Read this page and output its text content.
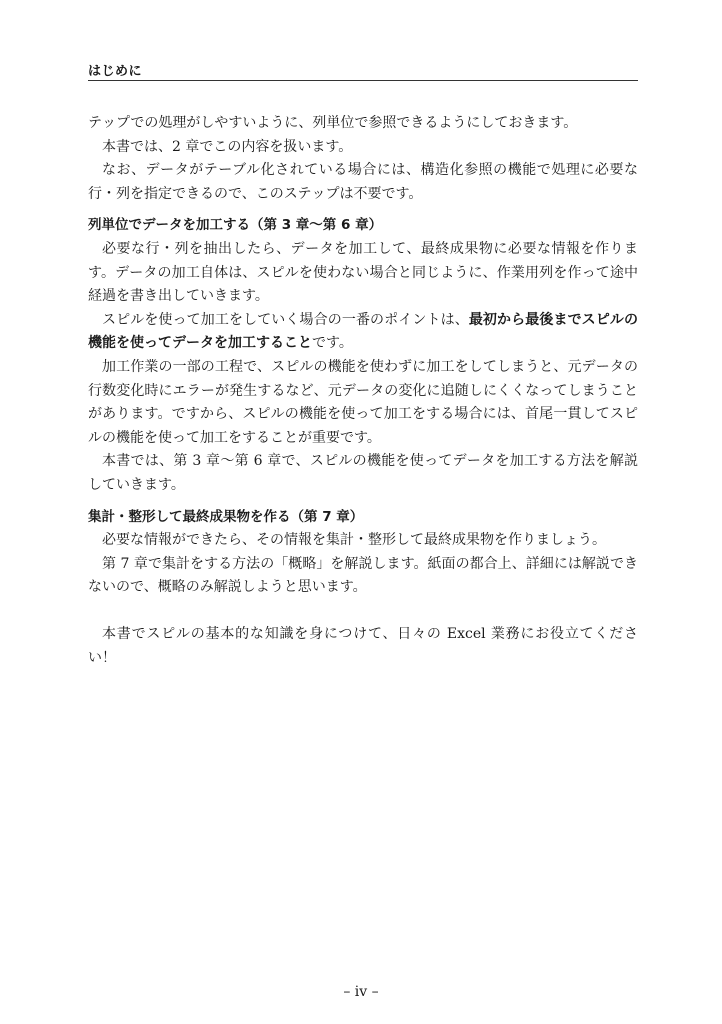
はじめに

テップでの処理がしやすいように、列単位で参照できるようにしておきます。

本書では、2 章でこの内容を扱います。

なお、データがテーブル化されている場合には、構造化参照の機能で処理に必要な行・列を指定できるので、このステップは不要です。

列単位でデータを加工する（第 3 章〜第 6 章）

必要な行・列を抽出したら、データを加工して、最終成果物に必要な情報を作ります。データの加工自体は、スピルを使わない場合と同じように、作業用列を作って途中経過を書き出していきます。

スピルを使って加工をしていく場合の一番のポイントは、最初から最後までスピルの機能を使ってデータを加工することです。

加工作業の一部の工程で、スピルの機能を使わずに加工をしてしまうと、元データの行数変化時にエラーが発生するなど、元データの変化に追随しにくくなってしまうことがあります。ですから、スピルの機能を使って加工をする場合には、首尾一貫してスピルの機能を使って加工をすることが重要です。

本書では、第 3 章〜第 6 章で、スピルの機能を使ってデータを加工する方法を解説していきます。

集計・整形して最終成果物を作る（第 7 章）

必要な情報ができたら、その情報を集計・整形して最終成果物を作りましょう。

第 7 章で集計をする方法の「概略」を解説します。紙面の都合上、詳細には解説できないので、概略のみ解説しようと思います。

本書でスピルの基本的な知識を身につけて、日々の Excel 業務にお役立てください！

– iv –
